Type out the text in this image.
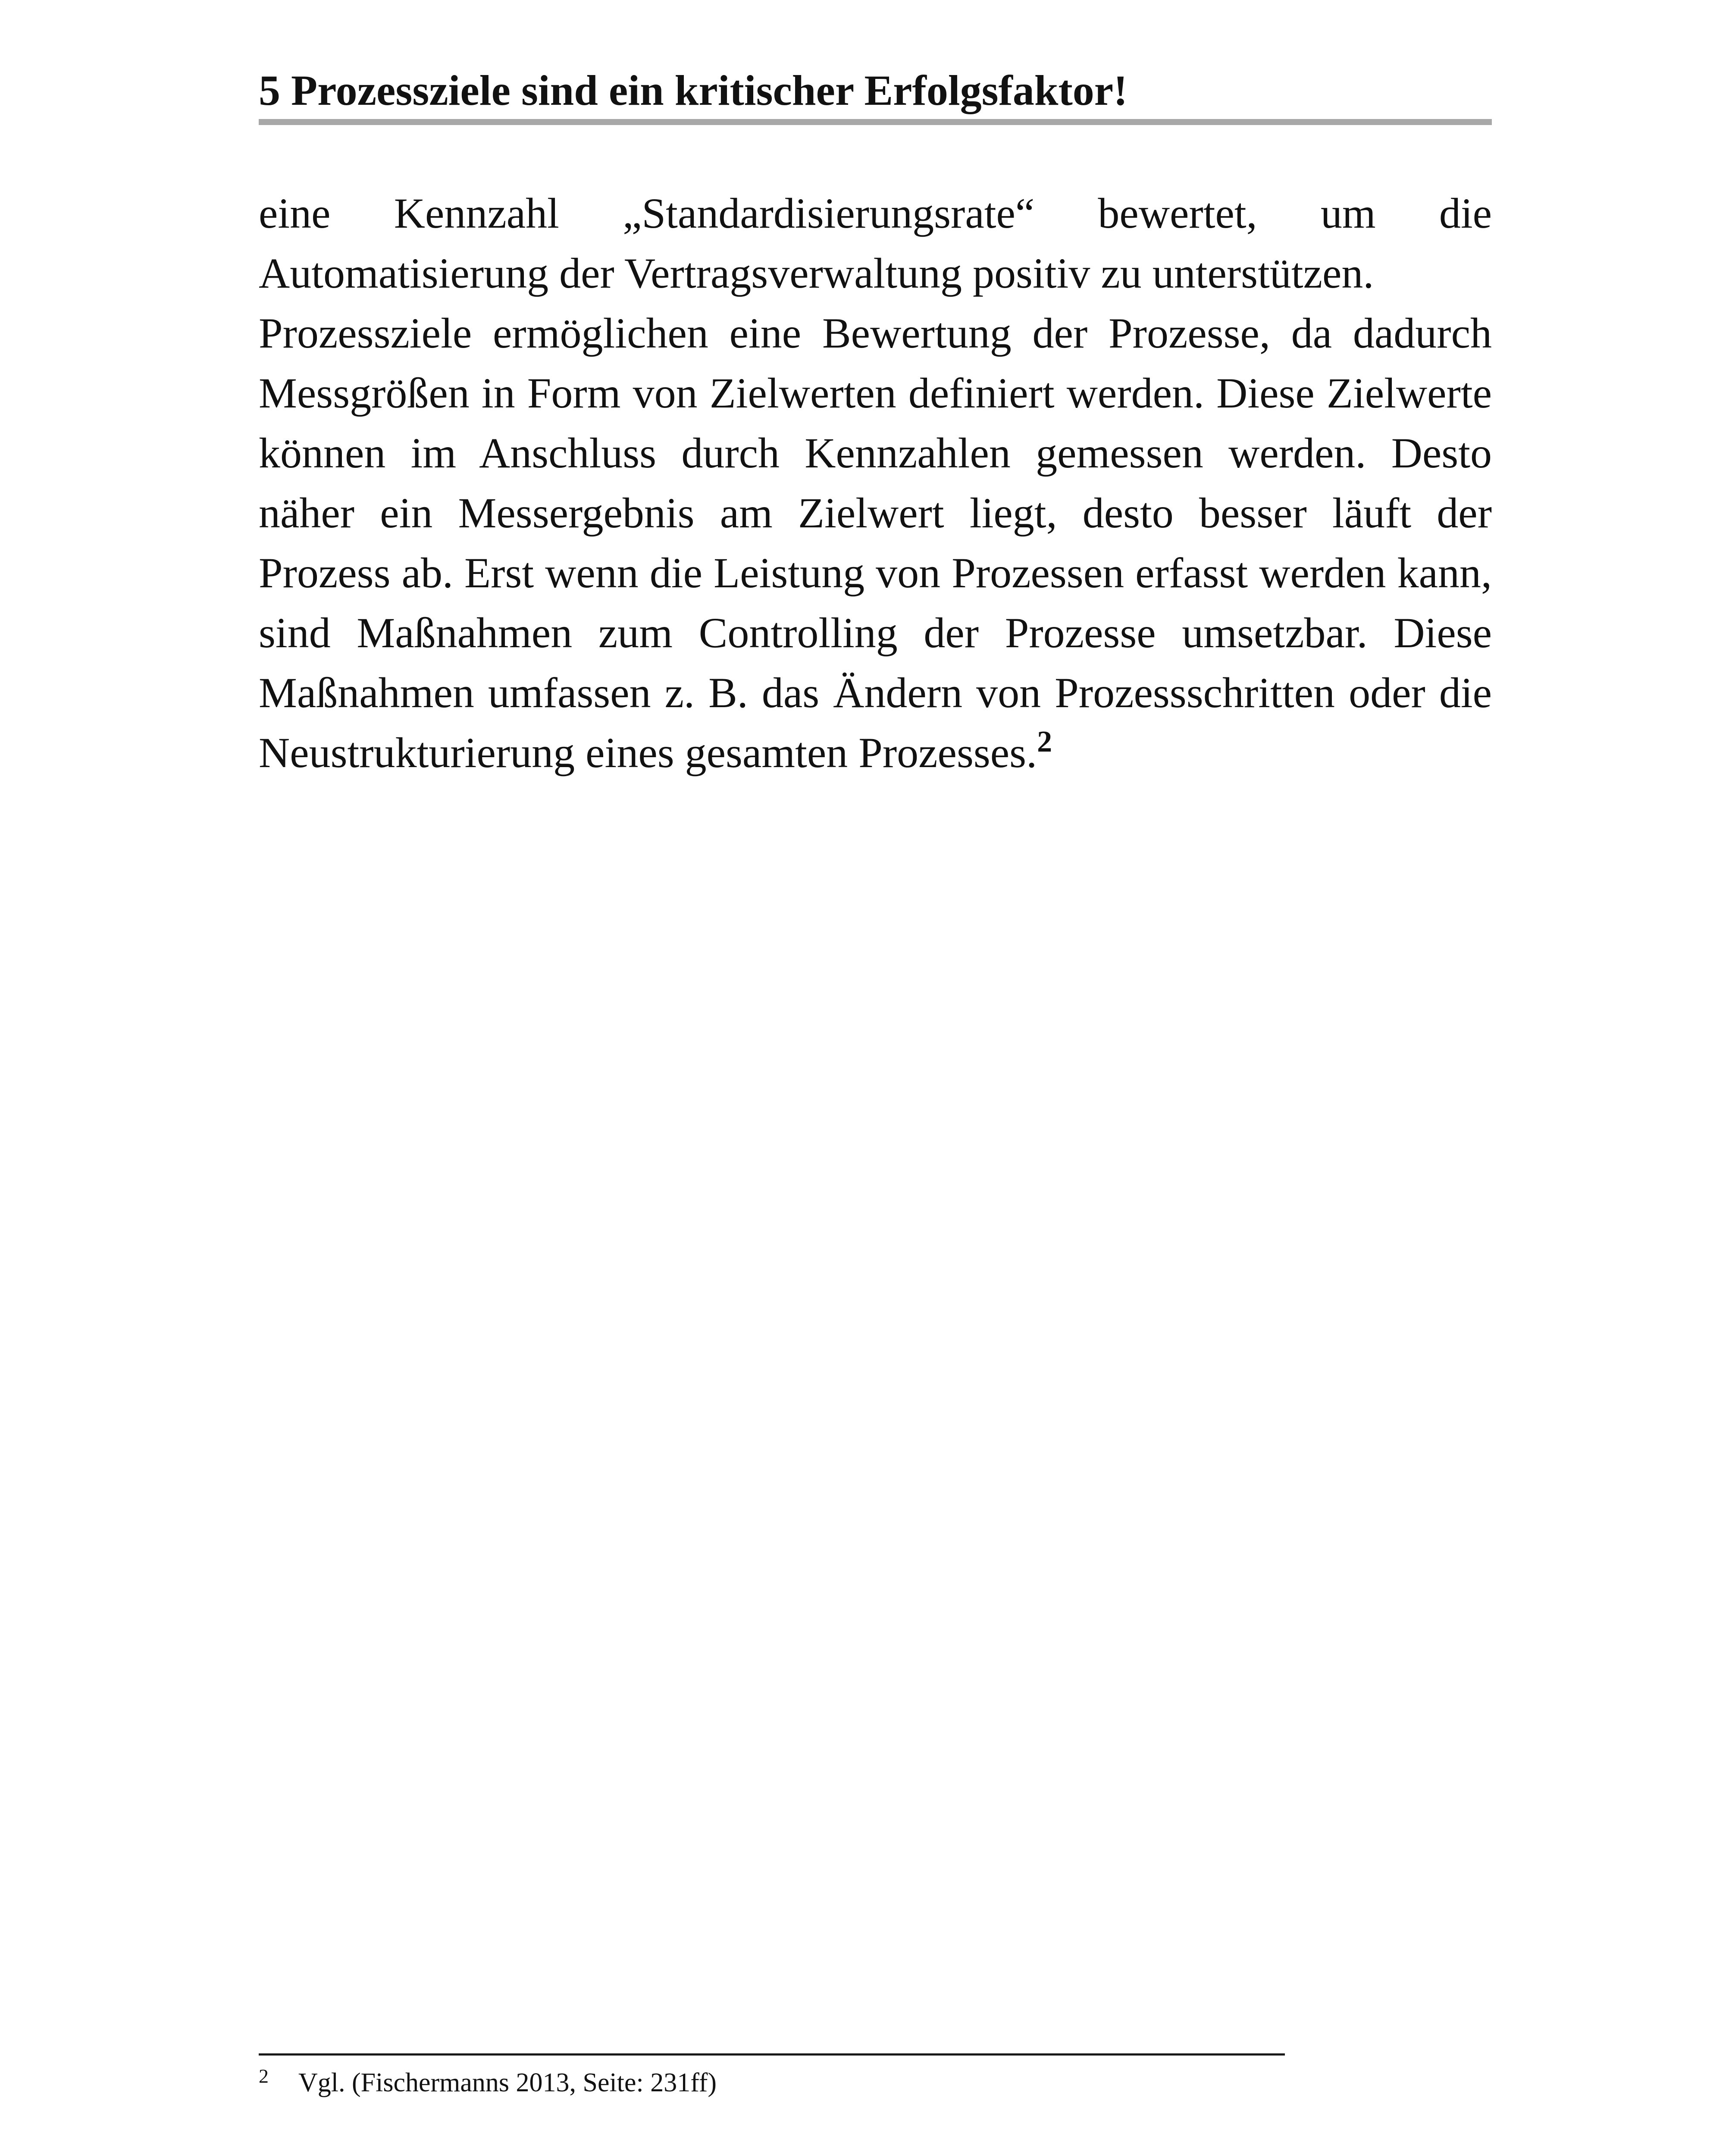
5 Prozessziele sind ein kritischer Erfolgsfaktor!

eine Kennzahl „Standardisierungsrate“ bewertet, um die
Automatisierung der Vertragsverwaltung positiv zu unterstützen.

Prozessziele ermöglichen eine Bewertung der Prozesse, da dadurch Messgrößen in Form von Zielwerten definiert werden. Diese Zielwerte können im Anschluss durch Kennzahlen gemessen werden. Desto näher ein Messergebnis am Zielwert liegt, desto besser läuft der Prozess ab. Erst wenn die Leistung von Prozessen erfasst werden kann, sind Maßnahmen zum Controlling der Prozesse umsetzbar. Diese Maßnahmen umfassen z. B. das Ändern von Prozessschritten oder die Neustrukturierung eines gesamten Prozesses.$^2$

2 Vgl. (Fischermanns 2013, Seite: 231ff)
